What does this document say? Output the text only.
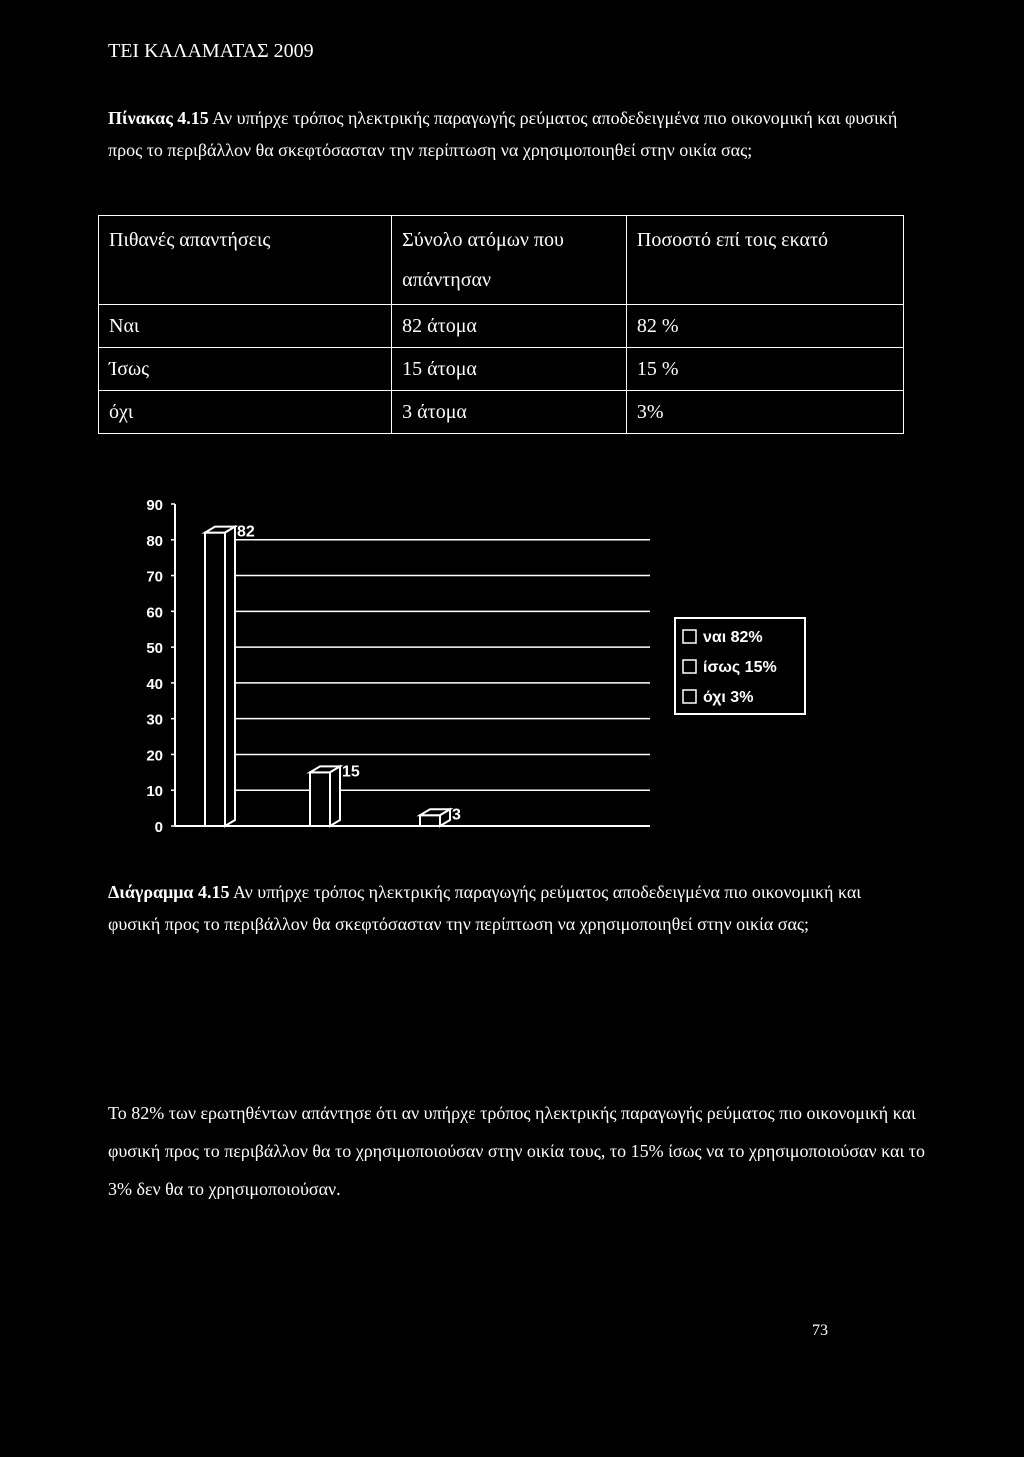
ΤΕΙ ΚΑΛΑΜΑΤΑΣ 2009
Πίνακας 4.15 Αν υπήρχε τρόπος ηλεκτρικής παραγωγής ρεύματος αποδεδειγμένα πιο οικονομική και φυσική προς το περιβάλλον θα σκεφτόσασταν την περίπτωση να χρησιμοποιηθεί στην οικία σας;
Πιθανές απαντήσεις	Σύνολο ατόμων που απάντησαν	Ποσοστό επί τοις εκατό
Ναι	82 άτομα	82 %
Ίσως	15 άτομα	15 %
όχι	3 άτομα	3%
0
10
20
30
40
50
60
70
80
90
82
15
3
ναι 82%
ίσως 15%
όχι 3%
Διάγραμμα 4.15 Αν υπήρχε τρόπος ηλεκτρικής παραγωγής ρεύματος αποδεδειγμένα πιο οικονομική και φυσική προς το περιβάλλον θα σκεφτόσασταν την περίπτωση να χρησιμοποιηθεί στην οικία σας;
Το 82% των ερωτηθέντων απάντησε ότι αν υπήρχε τρόπος ηλεκτρικής παραγωγής ρεύματος πιο οικονομική και φυσική προς το περιβάλλον θα το χρησιμοποιούσαν στην οικία τους, το 15% ίσως να το χρησιμοποιούσαν και το 3% δεν θα το χρησιμοποιούσαν.
73
